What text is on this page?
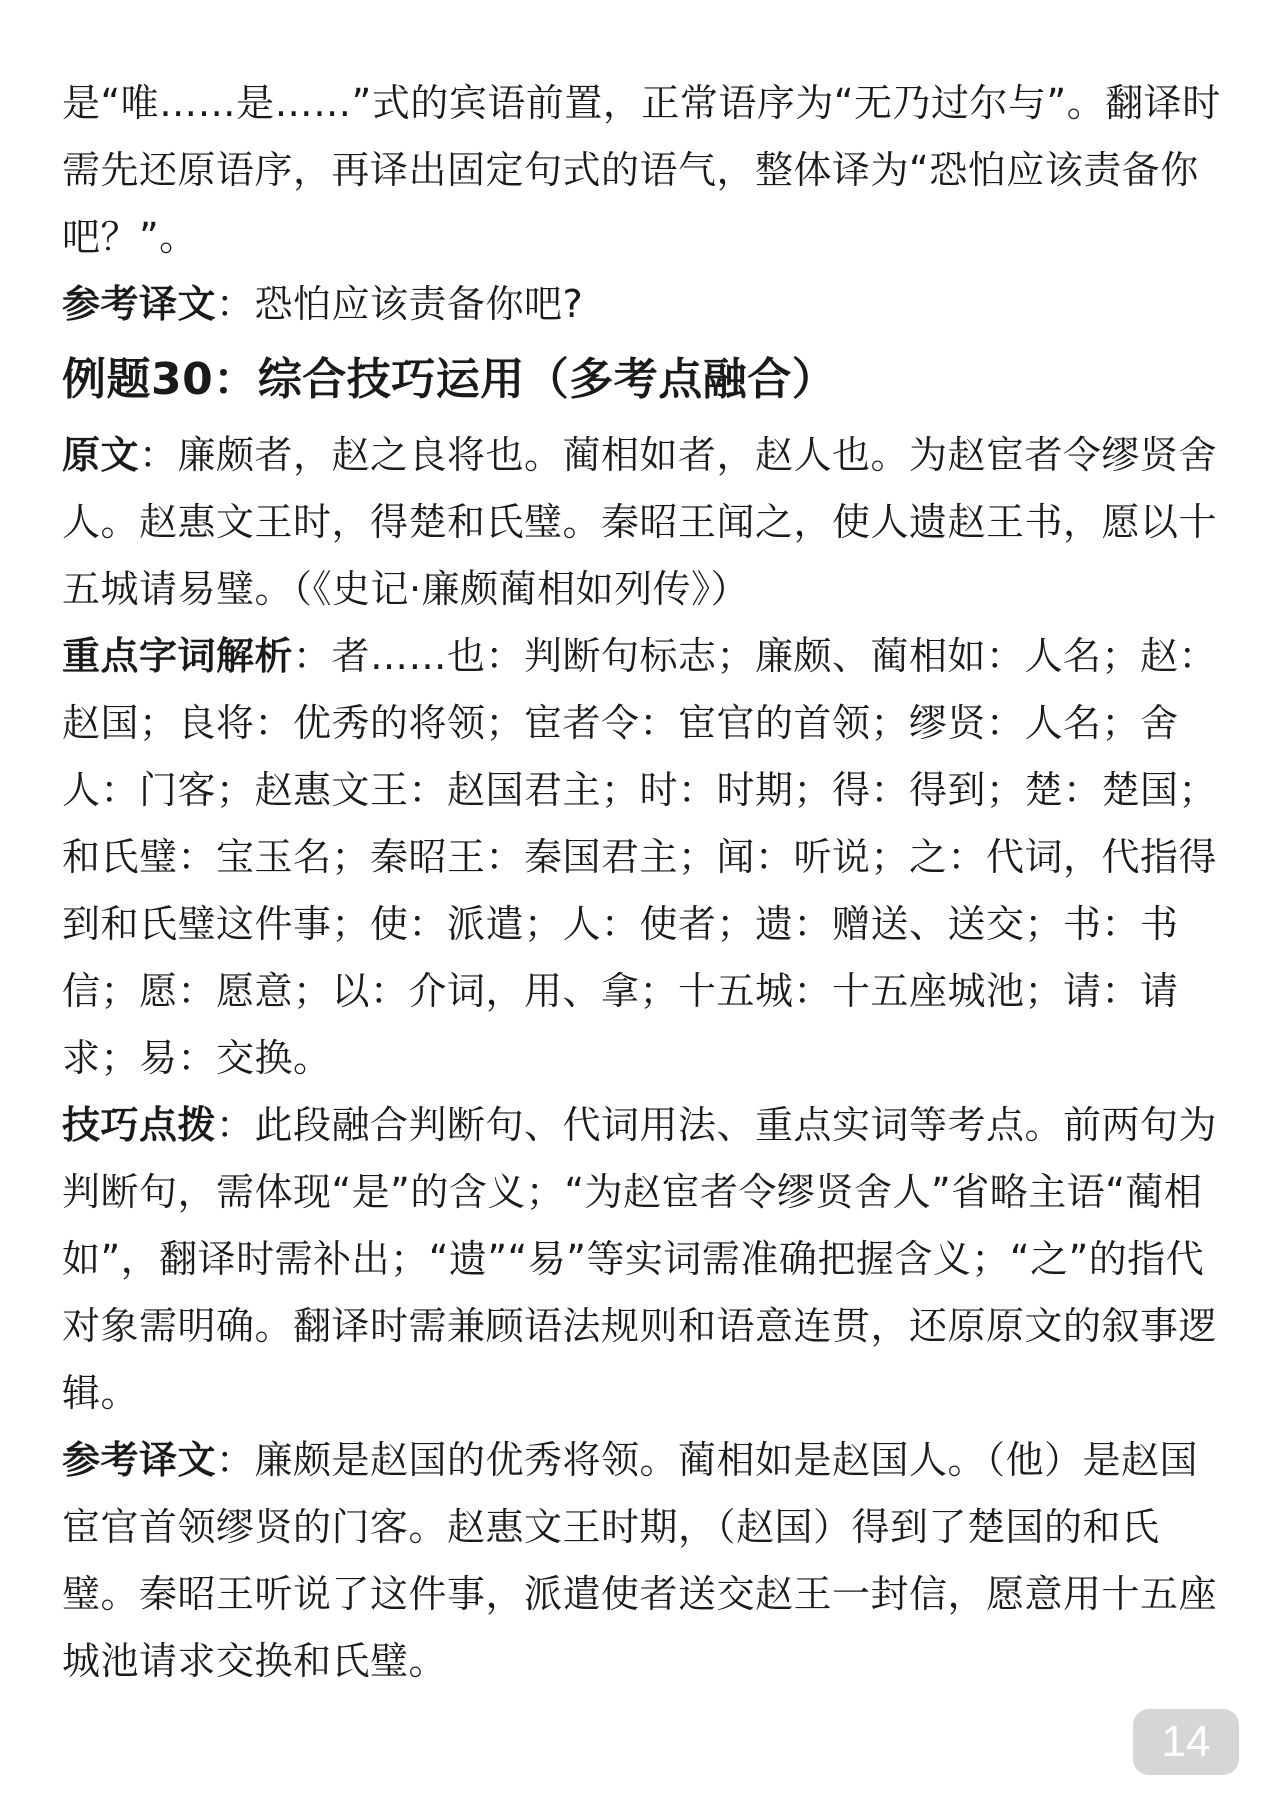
是“唯……是……”式的宾语前置，正常语序为“无乃过尔与”。翻译时需先还原语序，再译出固定句式的语气，整体译为“恐怕应该责备你吧？”。

参考译文：恐怕应该责备你吧?

例题30：综合技巧运用（多考点融合）

原文：廉颇者，赵之良将也。蔺相如者，赵人也。为赵宦者令缪贤舍人。赵惠文王时，得楚和氏璧。秦昭王闻之，使人遗赵王书，愿以十五城请易璧。（《史记·廉颇蔺相如列传》）

重点字词解析：者……也：判断句标志；廉颇、蔺相如：人名；赵：赵国；良将：优秀的将领；宦者令：宦官的首领；缪贤：人名；舍人：门客；赵惠文王：赵国君主；时：时期；得：得到；楚：楚国；和氏璧：宝玉名；秦昭王：秦国君主；闻：听说；之：代词，代指得到和氏璧这件事；使：派遣；人：使者；遗：赠送、送交；书：书信；愿：愿意；以：介词，用、拿；十五城：十五座城池；请：请求；易：交换。

技巧点拨：此段融合判断句、代词用法、重点实词等考点。前两句为判断句，需体现“是”的含义；“为赵宦者令缪贤舍人”省略主语“蔺相如”，翻译时需补出；“遗”“易”等实词需准确把握含义；“之”的指代对象需明确。翻译时需兼顾语法规则和语意连贯，还原原文的叙事逻辑。

参考译文：廉颇是赵国的优秀将领。蔺相如是赵国人。（他）是赵国宦官首领缪贤的门客。赵惠文王时期，（赵国）得到了楚国的和氏璧。秦昭王听说了这件事，派遣使者送交赵王一封信，愿意用十五座城池请求交换和氏璧。

14
